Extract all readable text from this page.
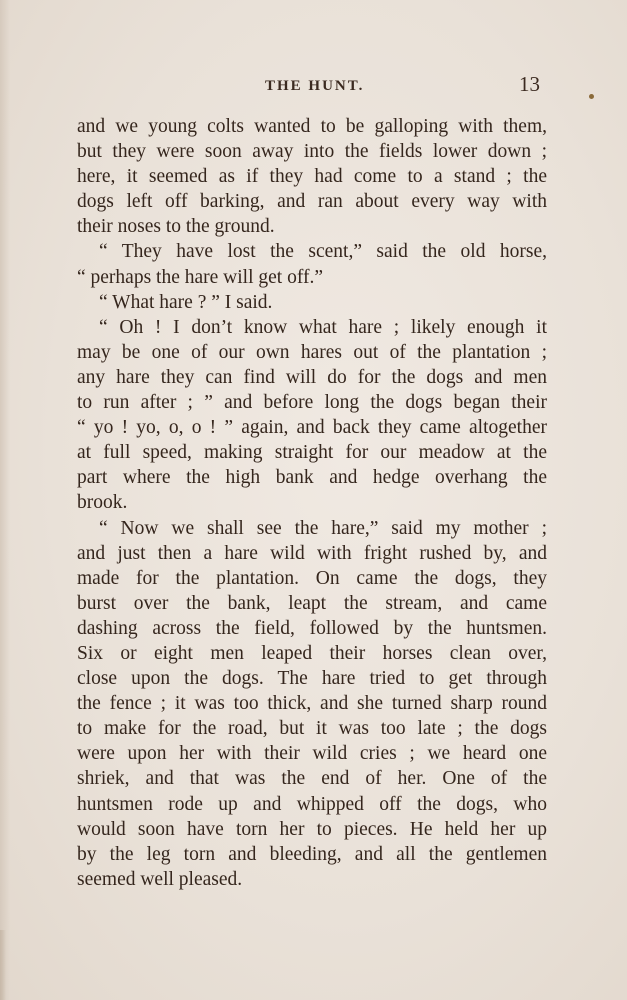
THE HUNT.	13
and we young colts wanted to be galloping with them,
but they were soon away into the fields lower down ;
here, it seemed as if they had come to a stand ; the
dogs left off barking, and ran about every way with
their noses to the ground.
“ They have lost the scent,” said the old horse,
“ perhaps the hare will get off.”
“ What hare ? ” I said.
“ Oh ! I don’t know what hare ; likely enough it
may be one of our own hares out of the plantation ;
any hare they can find will do for the dogs and men
to run after ; ” and before long the dogs began their
“ yo ! yo, o, o ! ” again, and back they came altogether
at full speed, making straight for our meadow at the
part where the high bank and hedge overhang the
brook.
“ Now we shall see the hare,” said my mother ;
and just then a hare wild with fright rushed by, and
made for the plantation. On came the dogs, they
burst over the bank, leapt the stream, and came
dashing across the field, followed by the huntsmen.
Six or eight men leaped their horses clean over,
close upon the dogs. The hare tried to get through
the fence ; it was too thick, and she turned sharp round
to make for the road, but it was too late ; the dogs
were upon her with their wild cries ; we heard one
shriek, and that was the end of her. One of the
huntsmen rode up and whipped off the dogs, who
would soon have torn her to pieces. He held her up
by the leg torn and bleeding, and all the gentlemen
seemed well pleased.
